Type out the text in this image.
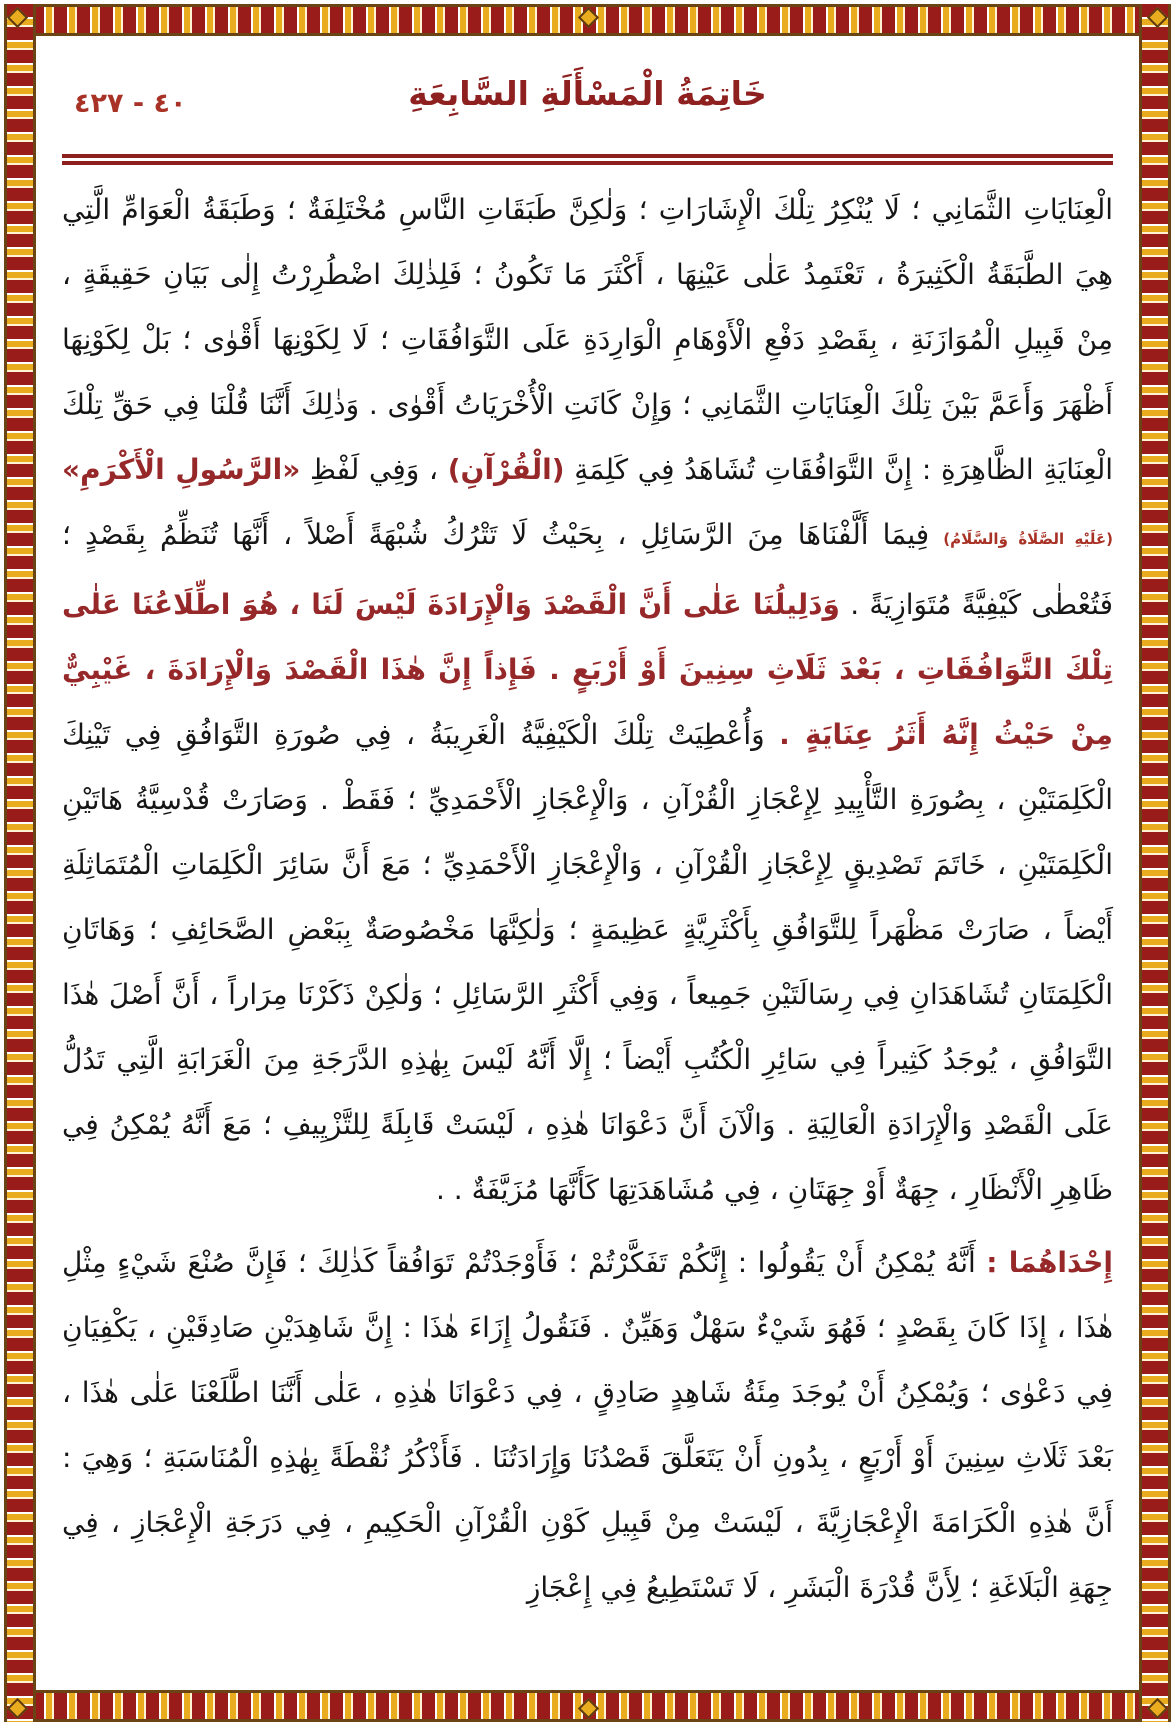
٤٠ - ٤٢٧	خَاتِمَةُ الْمَسْأَلَةِ السَّابِعَةِ

الْعِنَايَاتِ الثَّمَانِي ؛ لَا يُنْكِرُ تِلْكَ الْإِشَارَاتِ ؛ وَلٰكِنَّ طَبَقَاتِ النَّاسِ مُخْتَلِفَةٌ ؛ وَطَبَقَةُ الْعَوَامِّ الَّتِي هِيَ الطَّبَقَةُ الْكَثِيرَةُ ، تَعْتَمِدُ عَلٰى عَيْنِهَا ، أَكْثَرَ مَا تَكُونُ ؛ فَلِذٰلِكَ اضْطُرِرْتُ إِلٰى بَيَانِ حَقِيقَةٍ ، مِنْ قَبِيلِ الْمُوَازَنَةِ ، بِقَصْدِ دَفْعِ الْأَوْهَامِ الْوَارِدَةِ عَلَى التَّوَافُقَاتِ ؛ لَا لِكَوْنِهَا أَقْوٰى ؛ بَلْ لِكَوْنِهَا أَظْهَرَ وَأَعَمَّ بَيْنَ تِلْكَ الْعِنَايَاتِ الثَّمَانِي ؛ وَإِنْ كَانَتِ الْأُخْرَيَاتُ أَقْوٰى . وَذٰلِكَ أَنَّنَا قُلْنَا فِي حَقِّ تِلْكَ الْعِنَايَةِ الظَّاهِرَةِ : إِنَّ التَّوَافُقَاتِ تُشَاهَدُ فِي كَلِمَةِ (الْقُرْآنِ) ، وَفِي لَفْظِ «الرَّسُولِ الْأَكْرَمِ» (عَلَيْهِ الصَّلَاةُ وَالسَّلَامُ) فِيمَا أَلَّفْنَاهَا مِنَ الرَّسَائِلِ ، بِحَيْثُ لَا تَتْرُكُ شُبْهَةً أَصْلاً ، أَنَّهَا تُنَظِّمُ بِقَصْدٍ ؛ فَتُعْطٰى كَيْفِيَّةً مُتَوَازِيَةً . وَدَلِيلُنَا عَلٰى أَنَّ الْقَصْدَ وَالْإِرَادَةَ لَيْسَ لَنَا ، هُوَ اطِّلَاعُنَا عَلٰى تِلْكَ التَّوَافُقَاتِ ، بَعْدَ ثَلَاثِ سِنِينَ أَوْ أَرْبَعٍ . فَإِذاً إِنَّ هٰذَا الْقَصْدَ وَالْإِرَادَةَ ، غَيْبِيٌّ مِنْ حَيْثُ إِنَّهُ أَثَرُ عِنَايَةٍ . وَأُعْطِيَتْ تِلْكَ الْكَيْفِيَّةُ الْغَرِيبَةُ ، فِي صُورَةِ التَّوَافُقِ فِي تَيْنِكَ الْكَلِمَتَيْنِ ، بِصُورَةِ التَّأْيِيدِ لِإِعْجَازِ الْقُرْآنِ ، وَالْإِعْجَازِ الْأَحْمَدِيِّ ؛ فَقَطْ . وَصَارَتْ قُدْسِيَّةُ هَاتَيْنِ الْكَلِمَتَيْنِ ، خَاتَمَ تَصْدِيقٍ لِإِعْجَازِ الْقُرْآنِ ، وَالْإِعْجَازِ الْأَحْمَدِيِّ ؛ مَعَ أَنَّ سَائِرَ الْكَلِمَاتِ الْمُتَمَاثِلَةِ أَيْضاً ، صَارَتْ مَظْهَراً لِلتَّوَافُقِ بِأَكْثَرِيَّةٍ عَظِيمَةٍ ؛ وَلٰكِنَّهَا مَخْصُوصَةٌ بِبَعْضِ الصَّحَائِفِ ؛ وَهَاتَانِ الْكَلِمَتَانِ تُشَاهَدَانِ فِي رِسَالَتَيْنِ جَمِيعاً ، وَفِي أَكْثَرِ الرَّسَائِلِ ؛ وَلٰكِنْ ذَكَرْنَا مِرَاراً ، أَنَّ أَصْلَ هٰذَا التَّوَافُقِ ، يُوجَدُ كَثِيراً فِي سَائِرِ الْكُتُبِ أَيْضاً ؛ إِلَّا أَنَّهُ لَيْسَ بِهٰذِهِ الدَّرَجَةِ مِنَ الْغَرَابَةِ الَّتِي تَدُلُّ عَلَى الْقَصْدِ وَالْإِرَادَةِ الْعَالِيَةِ . وَالْآنَ أَنَّ دَعْوَانَا هٰذِهِ ، لَيْسَتْ قَابِلَةً لِلتَّزْيِيفِ ؛ مَعَ أَنَّهُ يُمْكِنُ فِي ظَاهِرِ الْأَنْظَارِ ، جِهَةٌ أَوْ جِهَتَانِ ، فِي مُشَاهَدَتِهَا كَأَنَّهَا مُزَيَّفَةٌ . .

إِحْدَاهُمَا : أَنَّهُ يُمْكِنُ أَنْ يَقُولُوا : إِنَّكُمْ تَفَكَّرْتُمْ ؛ فَأَوْجَدْتُمْ تَوَافُقاً كَذٰلِكَ ؛ فَإِنَّ صُنْعَ شَيْءٍ مِثْلِ هٰذَا ، إِذَا كَانَ بِقَصْدٍ ؛ فَهُوَ شَيْءٌ سَهْلٌ وَهَيِّنٌ . فَنَقُولُ إِزَاءَ هٰذَا : إِنَّ شَاهِدَيْنِ صَادِقَيْنِ ، يَكْفِيَانِ فِي دَعْوٰى ؛ وَيُمْكِنُ أَنْ يُوجَدَ مِئَةُ شَاهِدٍ صَادِقٍ ، فِي دَعْوَانَا هٰذِهِ ، عَلٰى أَنَّنَا اطَّلَعْنَا عَلٰى هٰذَا ، بَعْدَ ثَلَاثِ سِنِينَ أَوْ أَرْبَعٍ ، بِدُونِ أَنْ يَتَعَلَّقَ قَصْدُنَا وَإِرَادَتُنَا . فَأَذْكُرُ نُقْطَةً بِهٰذِهِ الْمُنَاسَبَةِ ؛ وَهِيَ : أَنَّ هٰذِهِ الْكَرَامَةَ الْإِعْجَازِيَّةَ ، لَيْسَتْ مِنْ قَبِيلِ كَوْنِ الْقُرْآنِ الْحَكِيمِ ، فِي دَرَجَةِ الْإِعْجَازِ ، فِي جِهَةِ الْبَلَاغَةِ ؛ لِأَنَّ قُدْرَةَ الْبَشَرِ ، لَا تَسْتَطِيعُ فِي إِعْجَازِ
